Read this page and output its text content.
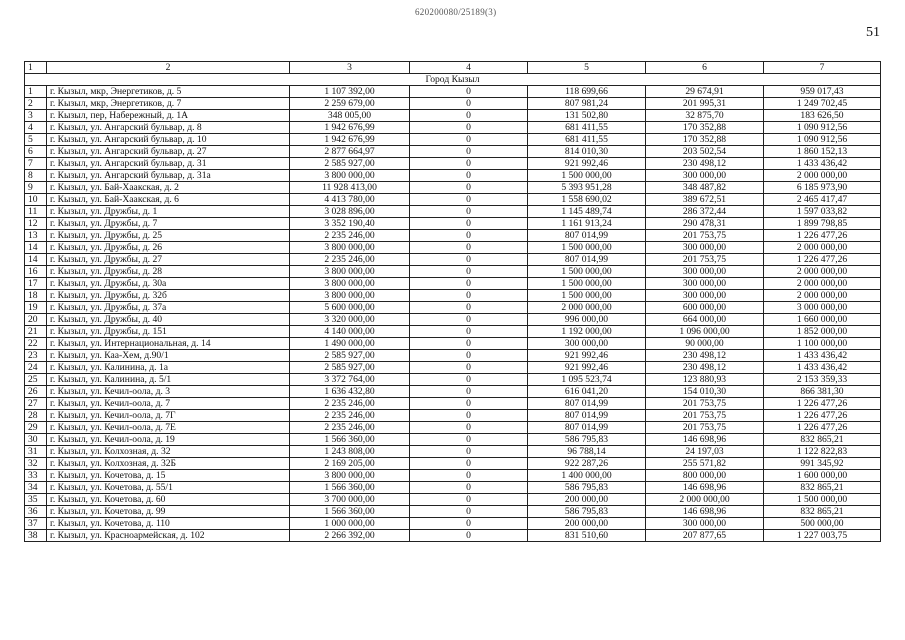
620200080/25189(3)
51
1	2	3	4	5	6	7
Город Кызыл						
1	г. Кызыл, мкр, Энергетиков, д. 5	1 107 392,00	0	118 699,66	29 674,91	959 017,43
2	г. Кызыл, мкр, Энергетиков, д. 7	2 259 679,00	0	807 981,24	201 995,31	1 249 702,45
3	г. Кызыл, пер, Набережный, д. 1А	348 005,00	0	131 502,80	32 875,70	183 626,50
4	г. Кызыл, ул. Ангарский бульвар, д. 8	1 942 676,99	0	681 411,55	170 352,88	1 090 912,56
5	г. Кызыл, ул. Ангарский бульвар, д. 10	1 942 676,99	0	681 411,55	170 352,88	1 090 912,56
6	г. Кызыл, ул. Ангарский бульвар, д. 27	2 877 664,97	0	814 010,30	203 502,54	1 860 152,13
7	г. Кызыл, ул. Ангарский бульвар, д. 31	2 585 927,00	0	921 992,46	230 498,12	1 433 436,42
8	г. Кызыл, ул. Ангарский бульвар, д. 31а	3 800 000,00	0	1 500 000,00	300 000,00	2 000 000,00
9	г. Кызыл, ул. Бай-Хаакская, д. 2	11 928 413,00	0	5 393 951,28	348 487,82	6 185 973,90
10	г. Кызыл, ул. Бай-Хаакская, д. 6	4 413 780,00	0	1 558 690,02	389 672,51	2 465 417,47
11	г. Кызыл, ул. Дружбы, д. 1	3 028 896,00	0	1 145 489,74	286 372,44	1 597 033,82
12	г. Кызыл, ул. Дружбы, д. 7	3 352 190,40	0	1 161 913,24	290 478,31	1 899 798,85
13	г. Кызыл, ул. Дружбы, д. 25	2 235 246,00	0	807 014,99	201 753,75	1 226 477,26
14	г. Кызыл, ул. Дружбы, д. 26	3 800 000,00	0	1 500 000,00	300 000,00	2 000 000,00
14	г. Кызыл, ул. Дружбы, д. 27	2 235 246,00	0	807 014,99	201 753,75	1 226 477,26
16	г. Кызыл, ул. Дружбы, д. 28	3 800 000,00	0	1 500 000,00	300 000,00	2 000 000,00
17	г. Кызыл, ул. Дружбы, д. 30а	3 800 000,00	0	1 500 000,00	300 000,00	2 000 000,00
18	г. Кызыл, ул. Дружбы, д. 32б	3 800 000,00	0	1 500 000,00	300 000,00	2 000 000,00
19	г. Кызыл, ул. Дружбы, д. 37а	5 600 000,00	0	2 000 000,00	600 000,00	3 000 000,00
20	г. Кызыл, ул. Дружбы, д. 40	3 320 000,00	0	996 000,00	664 000,00	1 660 000,00
21	г. Кызыл, ул. Дружбы, д. 151	4 140 000,00	0	1 192 000,00	1 096 000,00	1 852 000,00
22	г. Кызыл, ул. Интернациональная, д. 14	1 490 000,00	0	300 000,00	90 000,00	1 100 000,00
23	г. Кызыл, ул. Каа-Хем, д.90/1	2 585 927,00	0	921 992,46	230 498,12	1 433 436,42
24	г. Кызыл, ул. Калинина, д. 1а	2 585 927,00	0	921 992,46	230 498,12	1 433 436,42
25	г. Кызыл, ул. Калинина, д. 5/1	3 372 764,00	0	1 095 523,74	123 880,93	2 153 359,33
26	г. Кызыл, ул. Кечил-оола, д. 3	1 636 432,80	0	616 041,20	154 010,30	866 381,30
27	г. Кызыл, ул. Кечил-оола, д. 7	2 235 246,00	0	807 014,99	201 753,75	1 226 477,26
28	г. Кызыл, ул. Кечил-оола, д. 7Г	2 235 246,00	0	807 014,99	201 753,75	1 226 477,26
29	г. Кызыл, ул. Кечил-оола, д. 7Е	2 235 246,00	0	807 014,99	201 753,75	1 226 477,26
30	г. Кызыл, ул. Кечил-оола, д. 19	1 566 360,00	0	586 795,83	146 698,96	832 865,21
31	г. Кызыл, ул. Колхозная, д. 32	1 243 808,00	0	96 788,14	24 197,03	1 122 822,83
32	г. Кызыл, ул. Колхозная, д. 32Б	2 169 205,00	0	922 287,26	255 571,82	991 345,92
33	г. Кызыл, ул. Кочетова, д. 15	3 800 000,00	0	1 400 000,00	800 000,00	1 600 000,00
34	г. Кызыл, ул. Кочетова, д. 55/1	1 566 360,00	0	586 795,83	146 698,96	832 865,21
35	г. Кызыл, ул. Кочетова, д. 60	3 700 000,00	0	200 000,00	2 000 000,00	1 500 000,00
36	г. Кызыл, ул. Кочетова, д. 99	1 566 360,00	0	586 795,83	146 698,96	832 865,21
37	г. Кызыл, ул. Кочетова, д. 110	1 000 000,00	0	200 000,00	300 000,00	500 000,00
38	г. Кызыл, ул. Красноармейская, д. 102	2 266 392,00	0	831 510,60	207 877,65	1 227 003,75
